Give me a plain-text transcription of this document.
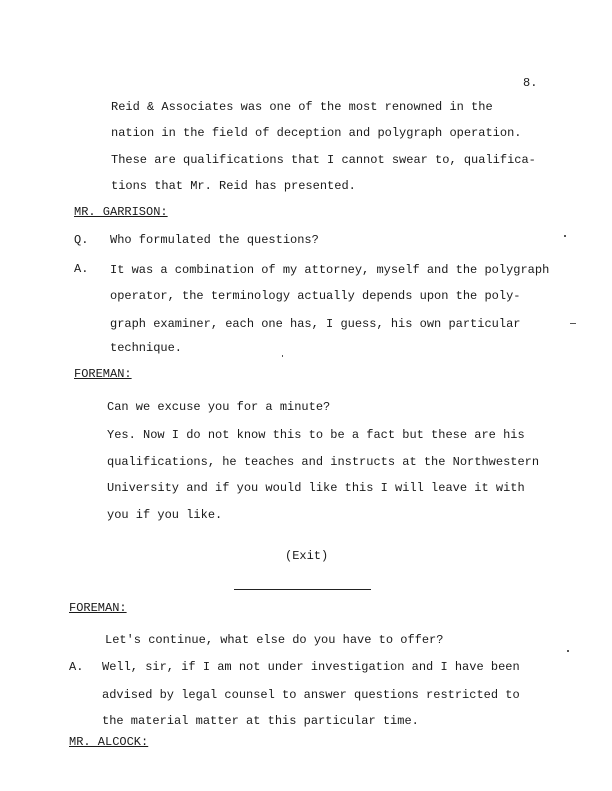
8.
Reid & Associates was one of the most renowned in the
nation in the field of deception and polygraph operation.
These are qualifications that I cannot swear to, qualifica-
tions that Mr. Reid has presented.
MR. GARRISON:
Q. Who formulated the questions?
A. It was a combination of my attorney, myself and the polygraph
operator, the terminology actually depends upon the poly-
graph examiner, each one has, I guess, his own particular
technique.
FOREMAN:
Can we excuse you for a minute?
Yes. Now I do not know this to be a fact but these are his
qualifications, he teaches and instructs at the Northwestern
University and if you would like this I will leave it with
you if you like.
(Exit)
FOREMAN:
Let's continue, what else do you have to offer?
A. Well, sir, if I am not under investigation and I have been
advised by legal counsel to answer questions restricted to
the material matter at this particular time.
MR. ALCOCK:
